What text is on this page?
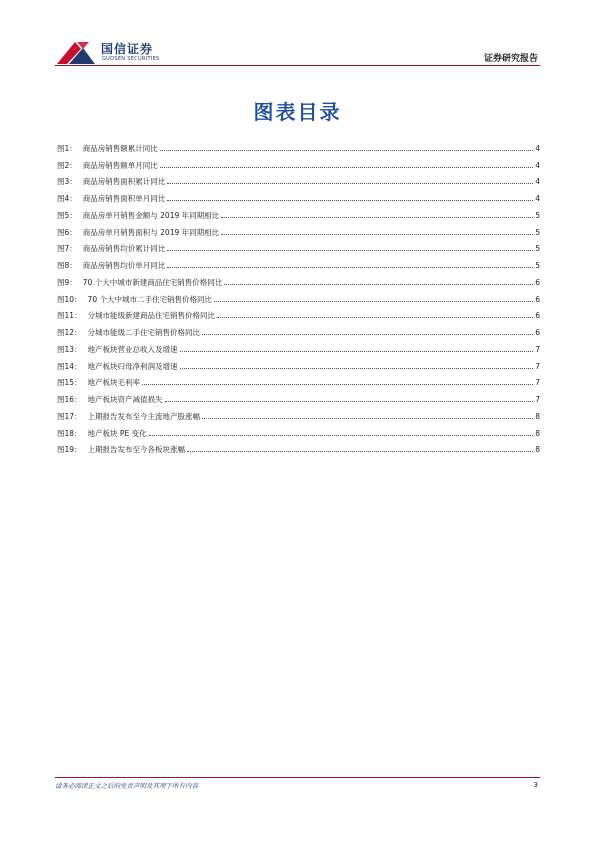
国信证券
GUOSEN SECURITIES	证券研究报告
图表目录
图1： 商品房销售额累计同比	4
图2： 商品房销售额单月同比	4
图3： 商品房销售面积累计同比	4
图4： 商品房销售面积单月同比	4
图5： 商品房单月销售金额与 2019 年同期相比	5
图6： 商品房单月销售面积与 2019 年同期相比	5
图7： 商品房销售均价累计同比	5
图8： 商品房销售均价单月同比	5
图9： 70 个大中城市新建商品住宅销售价格同比	6
图10： 70 个大中城市二手住宅销售价格同比	6
图11： 分城市能级新建商品住宅销售价格同比	6
图12： 分城市能级二手住宅销售价格同比	6
图13： 地产板块营业总收入及增速	7
图14： 地产板块归母净利润及增速	7
图15： 地产板块毛利率	7
图16： 地产板块资产减值损失	7
图17： 上期报告发布至今主流地产股涨幅	8
图18： 地产板块 PE 变化	8
图19： 上期报告发布至今各板块涨幅	8
请务必阅读正文之后的免责声明及其项下所有内容	3
